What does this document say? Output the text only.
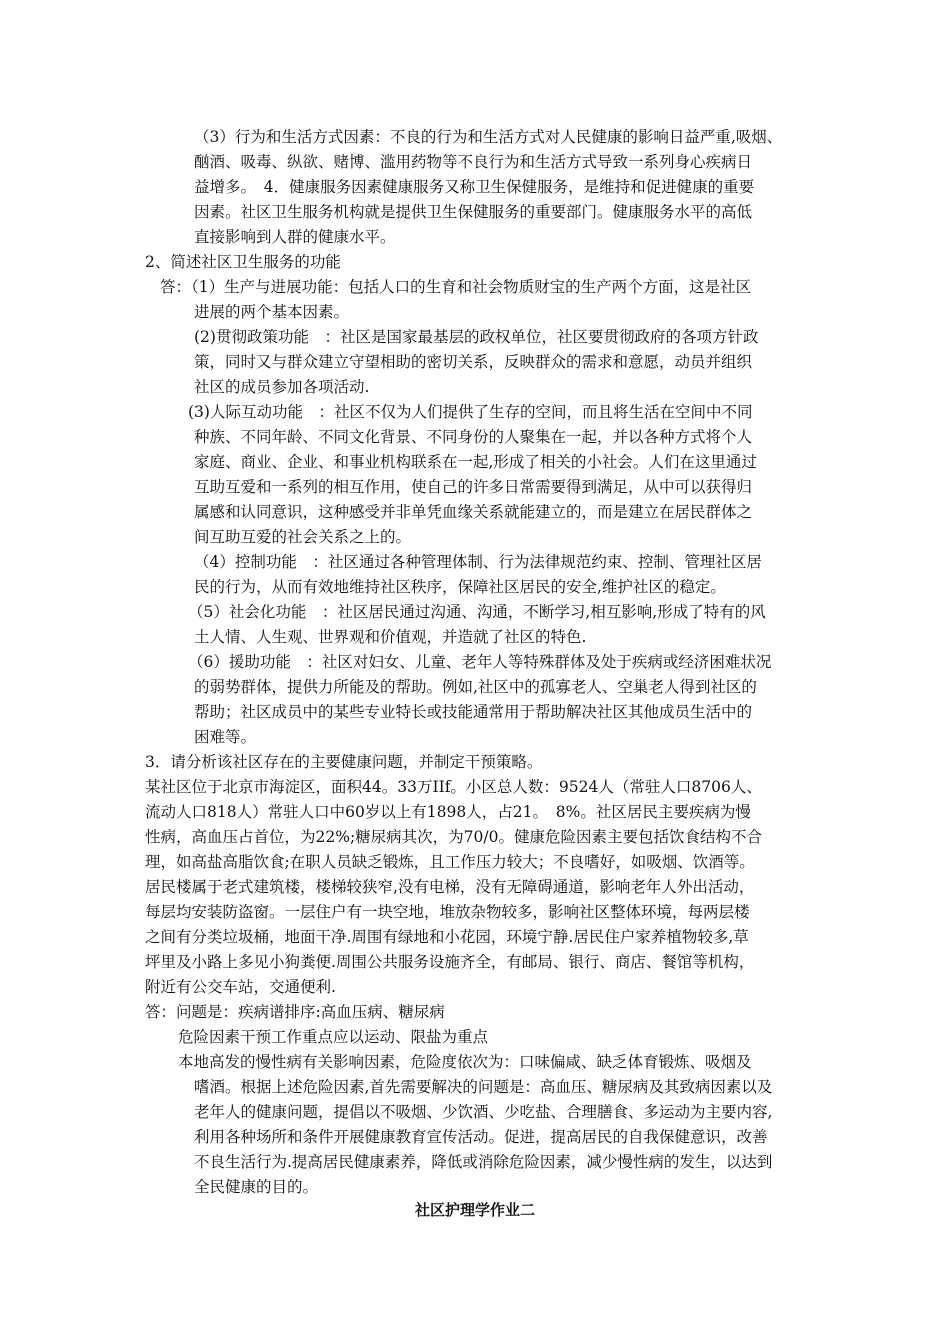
（3）行为和生活方式因素：不良的行为和生活方式对人民健康的影响日益严重,吸烟、
酗酒、吸毒、纵欲、赌博、滥用药物等不良行为和生活方式导致一系列身心疾病日
益增多。　4．健康服务因素健康服务又称卫生保健服务，是维持和促进健康的重要
因素。社区卫生服务机构就是提供卫生保健服务的重要部门。健康服务水平的高低
直接影响到人群的健康水平。
2、简述社区卫生服务的功能
答：（1）生产与进展功能：包括人口的生育和社会物质财宝的生产两个方面，这是社区
进展的两个基本因素。
(2)贯彻政策功能　：社区是国家最基层的政权单位，社区要贯彻政府的各项方针政
策，同时又与群众建立守望相助的密切关系，反映群众的需求和意愿，动员并组织
社区的成员参加各项活动.
(3)人际互动功能　：社区不仅为人们提供了生存的空间，而且将生活在空间中不同
种族、不同年龄、不同文化背景、不同身份的人聚集在一起，并以各种方式将个人
家庭、商业、企业、和事业机构联系在一起,形成了相关的小社会。人们在这里通过
互助互爱和一系列的相互作用，使自己的许多日常需要得到满足，从中可以获得归
属感和认同意识，这种感受并非单凭血缘关系就能建立的，而是建立在居民群体之
间互助互爱的社会关系之上的。
（4）控制功能　：社区通过各种管理体制、行为法律规范约束、控制、管理社区居
民的行为，从而有效地维持社区秩序，保障社区居民的安全,维护社区的稳定。
（5）社会化功能　：社区居民通过沟通、沟通，不断学习,相互影响,形成了特有的风
土人情、人生观、世界观和价值观，并造就了社区的特色.
（6）援助功能　：社区对妇女、儿童、老年人等特殊群体及处于疾病或经济困难状况
的弱势群体，提供力所能及的帮助。例如,社区中的孤寡老人、空巢老人得到社区的
帮助；社区成员中的某些专业特长或技能通常用于帮助解决社区其他成员生活中的
困难等。
3．请分析该社区存在的主要健康问题，并制定干预策略。
某社区位于北京市海淀区，面积44。33万IIf。小区总人数：9524人（常驻人口8706人、
流动人口818人）常驻人口中60岁以上有1898人，占21。　8%。社区居民主要疾病为慢
性病，高血压占首位，为22%;糖尿病其次，为70/0。健康危险因素主要包括饮食结构不合
理，如高盐高脂饮食;在职人员缺乏锻炼，且工作压力较大；不良嗜好，如吸烟、饮酒等。
居民楼属于老式建筑楼，楼梯较狭窄,没有电梯，没有无障碍通道，影响老年人外出活动，
每层均安装防盗窗。一层住户有一块空地，堆放杂物较多，影响社区整体环境，每两层楼
之间有分类垃圾桶，地面干净.周围有绿地和小花园，环境宁静.居民住户家养植物较多,草
坪里及小路上多见小狗粪便.周围公共服务设施齐全，有邮局、银行、商店、餐馆等机构，
附近有公交车站，交通便利.
答：问题是：疾病谱排序:高血压病、糖尿病
危险因素干预工作重点应以运动、限盐为重点
本地高发的慢性病有关影响因素，危险度依次为：口味偏咸、缺乏体育锻炼、吸烟及
嗜酒。根据上述危险因素,首先需要解决的问题是：高血压、糖尿病及其致病因素以及
老年人的健康问题，提倡以不吸烟、少饮酒、少吃盐、合理膳食、多运动为主要内容,
利用各种场所和条件开展健康教育宣传活动。促进，提高居民的自我保健意识，改善
不良生活行为.提高居民健康素养，降低或消除危险因素，减少慢性病的发生，以达到
全民健康的目的。
社区护理学作业二
